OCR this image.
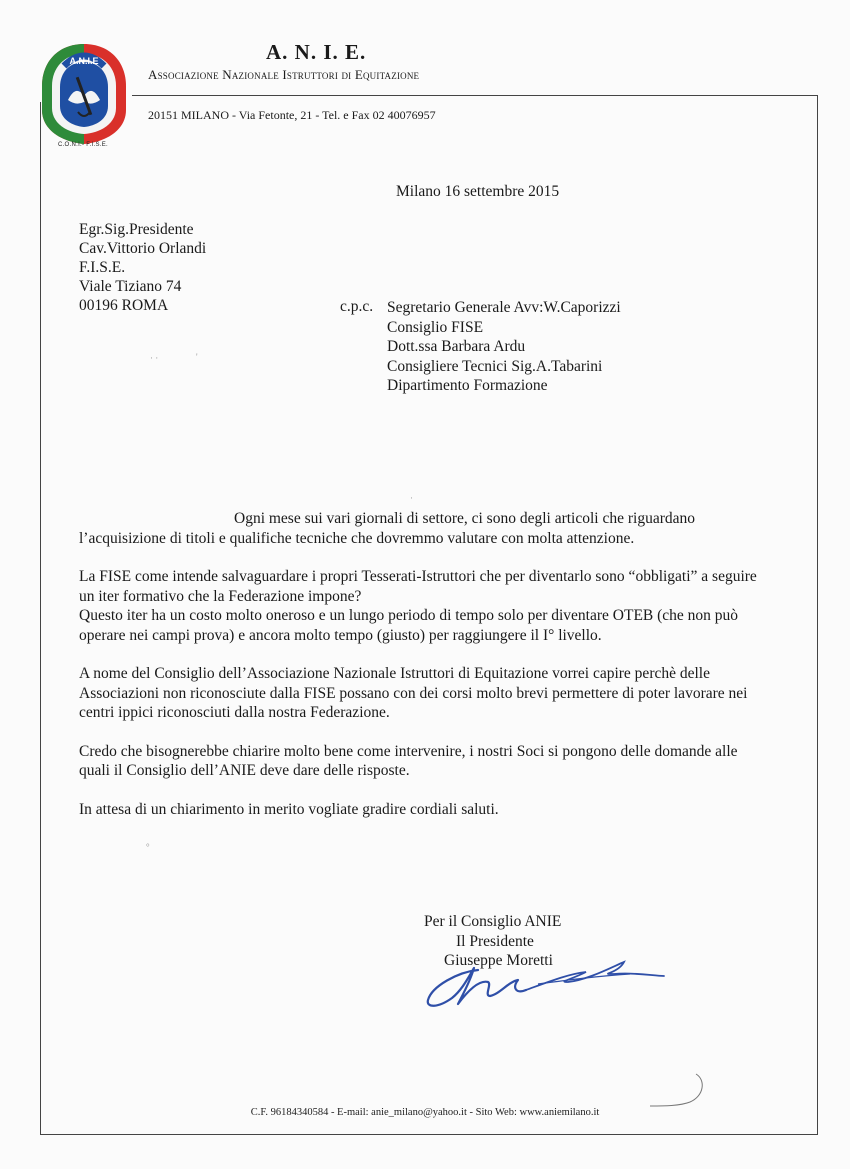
A.N.I.E
C.O.N.I.- F.I.S.E.
A. N. I. E.
Associazione Nazionale Istruttori di Equitazione
20151 MILANO - Via Fetonte, 21 - Tel. e Fax 02 40076957
Milano 16 settembre 2015
Egr.Sig.Presidente
Cav.Vittorio Orlandi
F.I.S.E.
Viale Tiziano 74
00196 ROMA	c.p.c. Segretario Generale Avv:W.Caporizzi
Consiglio FISE
Dott.ssa Barbara Ardu
Consigliere Tecnici Sig.A.Tabarini
Dipartimento Formazione

Ogni mese sui vari giornali di settore, ci sono degli articoli che riguardano l’acquisizione di titoli e qualifiche tecniche che dovremmo valutare con molta attenzione.

La FISE come intende salvaguardare i propri Tesserati-Istruttori che per diventarlo sono “obbligati” a seguire un iter formativo che la Federazione impone?

Questo iter ha un costo molto oneroso e un lungo periodo di tempo solo per diventare OTEB (che non può operare nei campi prova) e ancora molto tempo (giusto) per raggiungere il I° livello.

A nome del Consiglio dell’Associazione Nazionale Istruttori di Equitazione vorrei capire perchè delle Associazioni non riconosciute dalla FISE possano con dei corsi molto brevi permettere di poter lavorare nei centri ippici riconosciuti dalla nostra Federazione.

Credo che bisognerebbe chiarire molto bene come intervenire, i nostri Soci si pongono delle domande alle quali il Consiglio dell’ANIE deve dare delle risposte.

In attesa di un chiarimento in merito vogliate gradire cordiali saluti.

Per il Consiglio ANIE
Il Presidente
Giuseppe Moretti
· ·	'
·
°
C.F. 96184340584 - E-mail: anie_milano@yahoo.it - Sito Web: www.aniemilano.it
